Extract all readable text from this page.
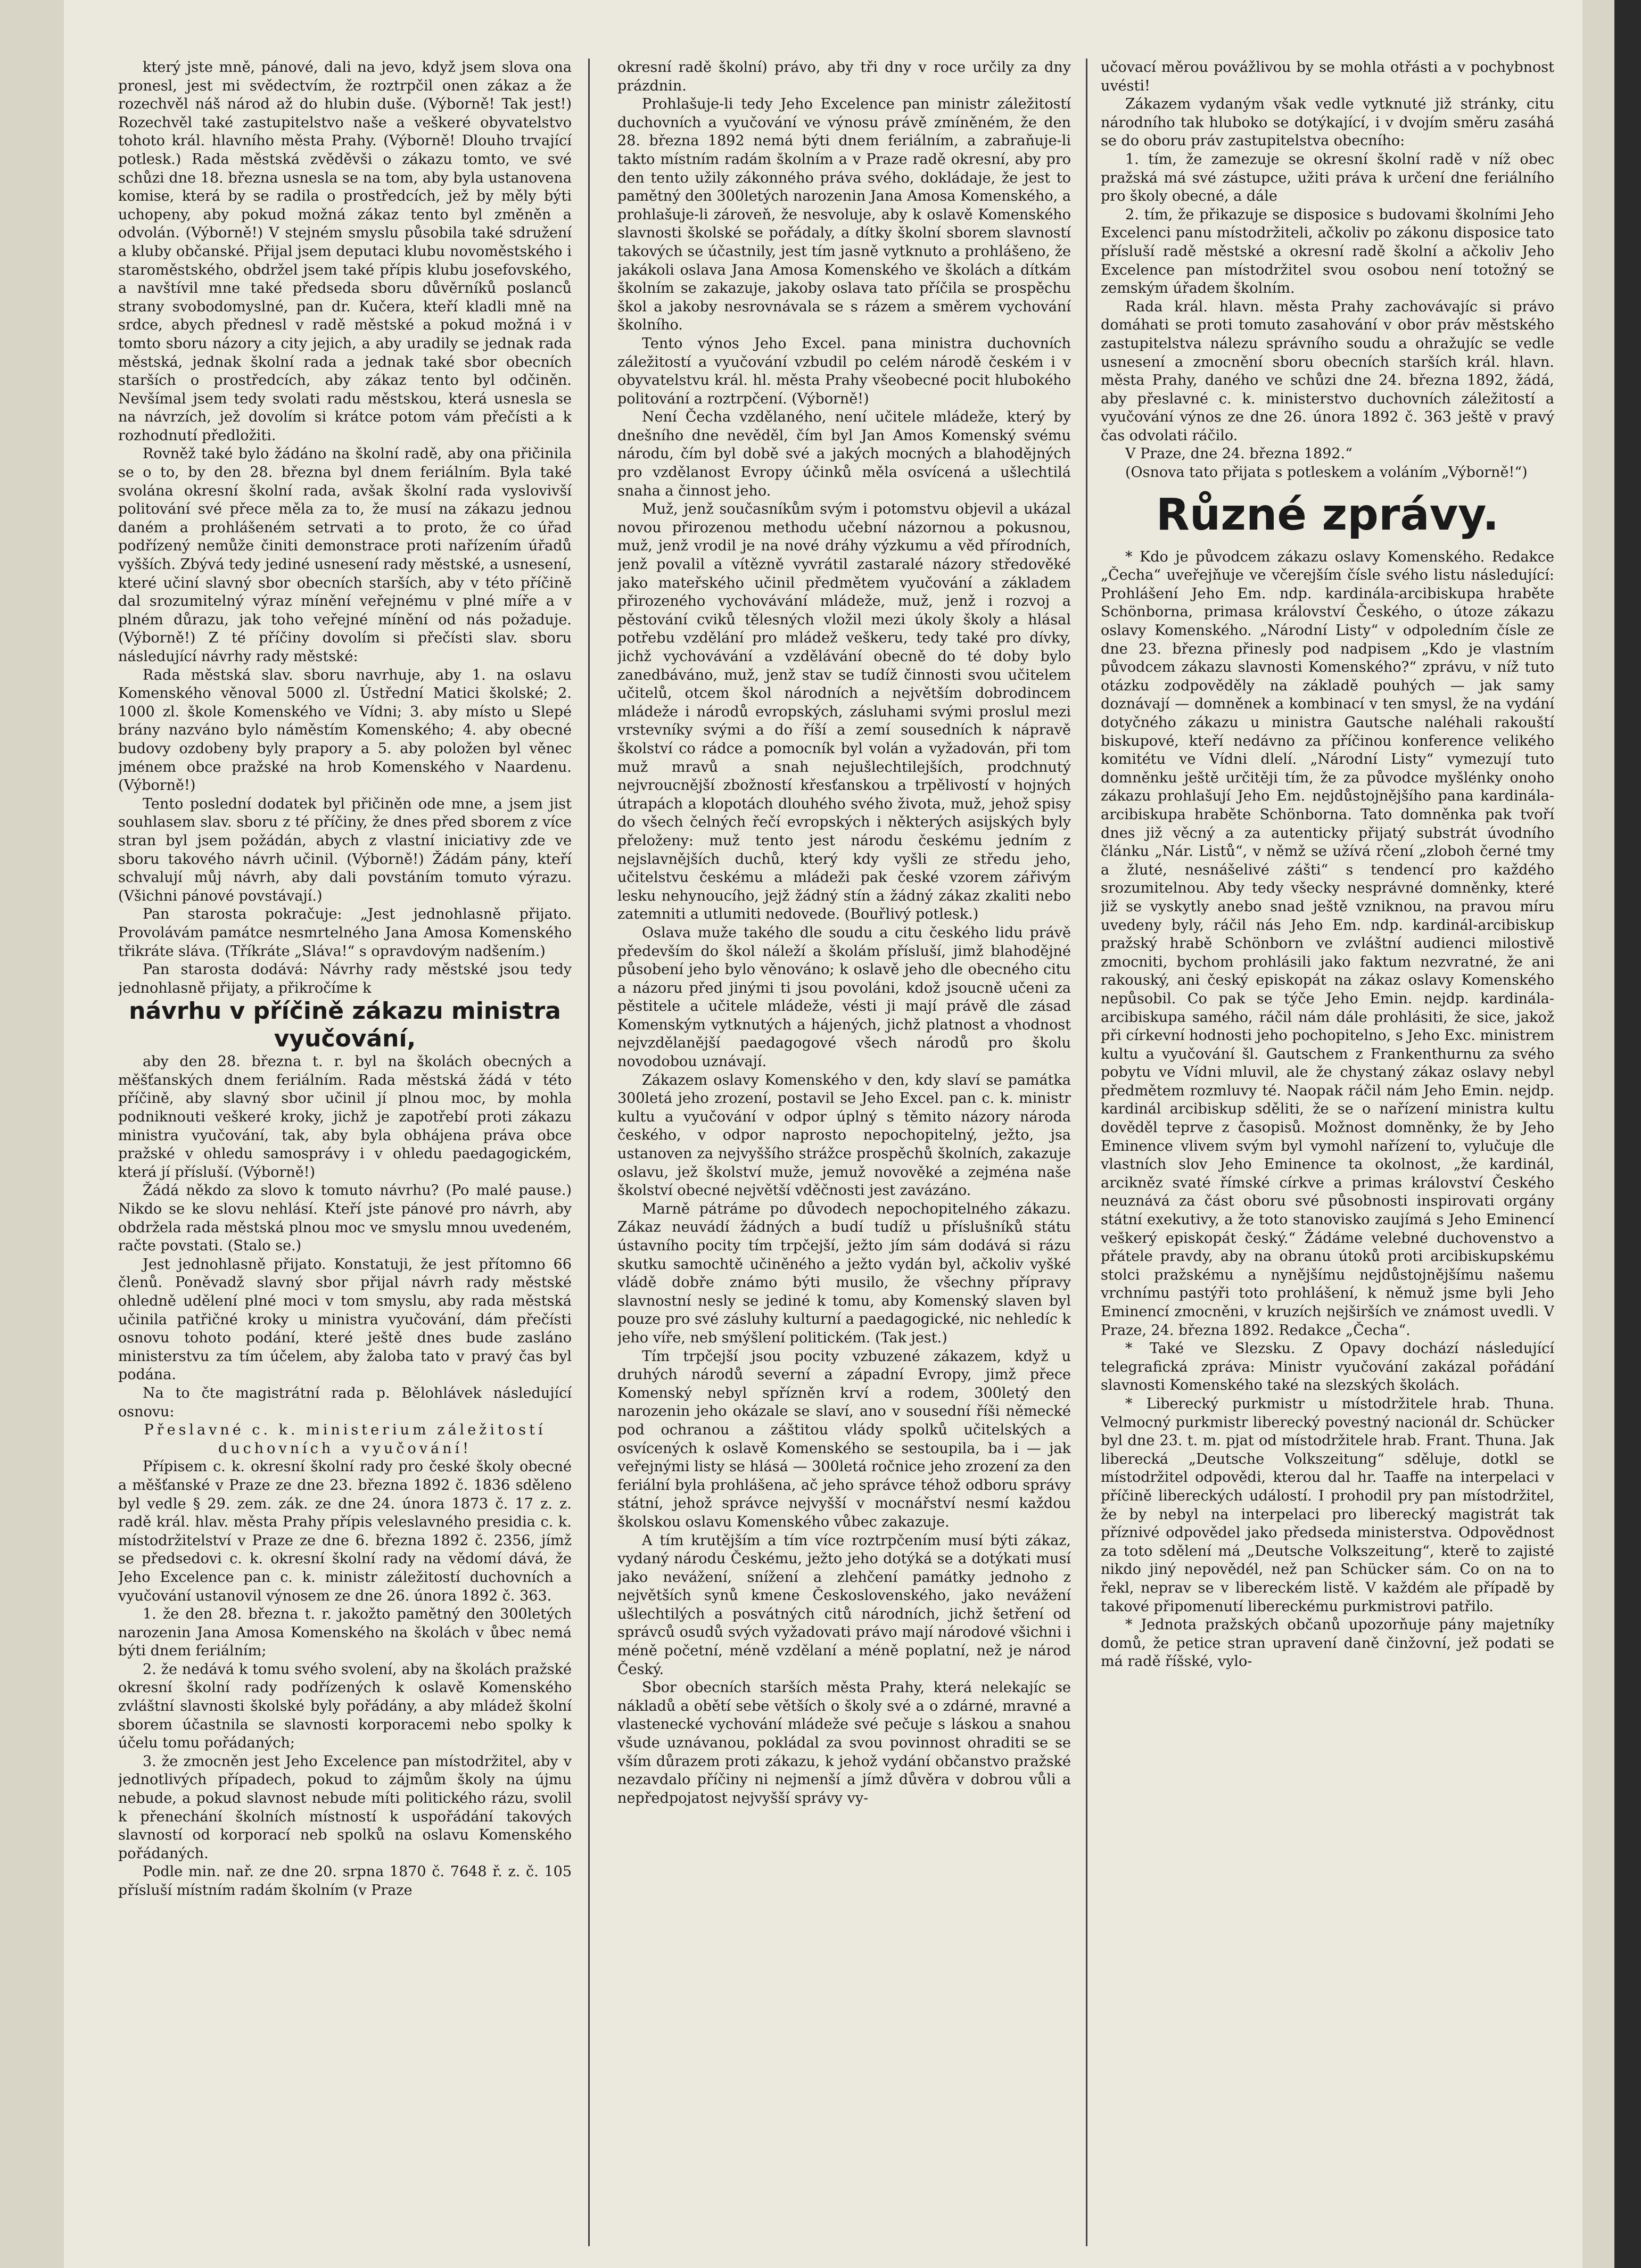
který jste mně, pánové, dali na jevo, když jsem slova ona pronesl, jest mi svědectvím, že roztrpčil onen zákaz a že rozechvěl náš národ až do hlubin duše. (Výborně! Tak jest!) Rozechvěl také zastupitelstvo naše a veškeré obyvatelstvo tohoto král. hlavního města Prahy. (Výborně! Dlouho trvající potlesk.) Rada městská zvěděvši o zákazu tomto, ve své schůzi dne 18. března usnesla se na tom, aby byla ustanovena komise, která by se radila o prostředcích, jež by měly býti uchopeny, aby pokud možná zákaz tento byl změněn a odvolán. (Výborně!) V stejném smyslu působila také sdružení a kluby občanské. Přijal jsem deputaci klubu novoměstského i staroměstského, obdržel jsem také přípis klubu josefovského, a navštívil mne také předseda sboru důvěrníků poslanců strany svobodomyslné, pan dr. Kučera, kteří kladli mně na srdce, abych přednesl v radě městské a pokud možná i v tomto sboru názory a city jejich, a aby uradily se jednak rada městská, jednak školní rada a jednak také sbor obecních starších o prostředcích, aby zákaz tento byl odčiněn. Nevšímal jsem tedy svolati radu městskou, která usnesla se na návrzích, jež dovolím si krátce potom vám přečísti a k rozhodnutí předložiti.

Rovněž také bylo žádáno na školní radě, aby ona přičinila se o to, by den 28. března byl dnem feriálním. Byla také svolána okresní školní rada, avšak školní rada vyslovivší politování své přece měla za to, že musí na zákazu jednou daném a prohlášeném setrvati a to proto, že co úřad podřízený nemůže činiti demonstrace proti nařízením úřadů vyšších. Zbývá tedy jediné usnesení rady městské, a usnesení, které učiní slavný sbor obecních starších, aby v této příčině dal srozumitelný výraz mínění veřejnému v plné míře a v plném důrazu, jak toho veřejné mínění od nás požaduje. (Výborně!) Z té příčiny dovolím si přečísti slav. sboru následující návrhy rady městské:

Rada městská slav. sboru navrhuje, aby 1. na oslavu Komenského věnoval 5000 zl. Ústřední Matici školské; 2. 1000 zl. škole Komenského ve Vídni; 3. aby místo u Slepé brány nazváno bylo náměstím Komenského; 4. aby obecné budovy ozdobeny byly prapory a 5. aby položen byl věnec jménem obce pražské na hrob Komenského v Naardenu. (Výborně!)

Tento poslední dodatek byl přičiněn ode mne, a jsem jist souhlasem slav. sboru z té příčiny, že dnes před sborem z více stran byl jsem požádán, abych z vlastní iniciativy zde ve sboru takového návrh učinil. (Výborně!) Žádám pány, kteří schvalují můj návrh, aby dali povstáním tomuto výrazu. (Všichni pánové povstávají.)

Pan starosta pokračuje: „Jest jednohlasně přijato. Provolávám památce nesmrtelného Jana Amosa Komenského třikráte sláva. (Tříkráte „Sláva!“ s opravdovým nadšením.)

Pan starosta dodává: Návrhy rady městské jsou tedy jednohlasně přijaty, a přikročíme k

návrhu v příčině zákazu ministra vyučování,

aby den 28. března t. r. byl na školách obecných a měšťanských dnem feriálním. Rada městská žádá v této příčině, aby slavný sbor učinil jí plnou moc, by mohla podniknouti veškeré kroky, jichž je zapotřebí proti zákazu ministra vyučování, tak, aby byla obhájena práva obce pražské v ohledu samosprávy i v ohledu paedagogickém, která jí přísluší. (Výborně!)

Žádá někdo za slovo k tomuto návrhu? (Po malé pause.) Nikdo se ke slovu nehlásí. Kteří jste pánové pro návrh, aby obdržela rada městská plnou moc ve smyslu mnou uvedeném, račte povstati. (Stalo se.)

Jest jednohlasně přijato. Konstatuji, že jest přítomno 66 členů. Poněvadž slavný sbor přijal návrh rady městské ohledně udělení plné moci v tom smyslu, aby rada městská učinila patřičné kroky u ministra vyučování, dám přečísti osnovu tohoto podání, které ještě dnes bude zasláno ministerstvu za tím účelem, aby žaloba tato v pravý čas byl podána.

Na to čte magistrátní rada p. Bělohlávek následující osnovu:

Přeslavné c. k. ministerium záležitostí duchovních a vyučování!

Přípisem c. k. okresní školní rady pro české školy obecné a měšťanské v Praze ze dne 23. března 1892 č. 1836 sděleno byl vedle § 29. zem. zák. ze dne 24. února 1873 č. 17 z. z. radě král. hlav. města Prahy přípis veleslavného presidia c. k. místodržitelství v Praze ze dne 6. března 1892 č. 2356, jímž se předsedovi c. k. okresní školní rady na vědomí dává, že Jeho Excelence pan c. k. ministr záležitostí duchovních a vyučování ustanovil výnosem ze dne 26. února 1892 č. 363.

1. že den 28. března t. r. jakožto pamětný den 300letých narozenin Jana Amosa Komenského na školách v ůbec nemá býti dnem feriálním;

2. že nedává k tomu svého svolení, aby na školách pražské okresní školní rady podřízených k oslavě Komenského zvláštní slavnosti školské byly pořádány, a aby mládež školní sborem účastnila se slavnosti korporacemi nebo spolky k účelu tomu pořádaných;

3. že zmocněn jest Jeho Excelence pan místodržitel, aby v jednotlivých případech, pokud to zájmům školy na újmu nebude, a pokud slavnost nebude míti politického rázu, svolil k přenechání školních místností k uspořádání takových slavností od korporací neb spolků na oslavu Komenského pořádaných.

Podle min. nař. ze dne 20. srpna 1870 č. 7648 ř. z. č. 105 přísluší místním radám školním (v Praze

okresní radě školní) právo, aby tři dny v roce určily za dny prázdnin.

Prohlašuje-li tedy Jeho Excelence pan ministr záležitostí duchovních a vyučování ve výnosu právě zmíněném, že den 28. března 1892 nemá býti dnem feriálním, a zabraňuje-li takto místním radám školním a v Praze radě okresní, aby pro den tento užily zákonného práva svého, dokládaje, že jest to pamětný den 300letých narozenin Jana Amosa Komenského, a prohlašuje-li zároveň, že nesvoluje, aby k oslavě Komenského slavnosti školské se pořádaly, a dítky školní sborem slavností takových se účastnily, jest tím jasně vytknuto a prohlášeno, že jakákoli oslava Jana Amosa Komenského ve školách a dítkám školním se zakazuje, jakoby oslava tato příčila se prospěchu škol a jakoby nesrovnávala se s rázem a směrem vychování školního.

Tento výnos Jeho Excel. pana ministra duchovních záležitostí a vyučování vzbudil po celém národě českém i v obyvatelstvu král. hl. města Prahy všeobecné pocit hlubokého politování a roztrpčení. (Výborně!)

Není Čecha vzdělaného, není učitele mládeže, který by dnešního dne nevěděl, čím byl Jan Amos Komenský svému národu, čím byl době své a jakých mocných a blahodějných pro vzdělanost Evropy účinků měla osvícená a ušlechtilá snaha a činnost jeho.

Muž, jenž současníkům svým i potomstvu objevil a ukázal novou přirozenou methodu učební názornou a pokusnou, muž, jenž vrodil je na nové dráhy výzkumu a věd přírodních, jenž povalil a vítězně vyvrátil zastaralé názory středověké jako mateřského učinil předmětem vyučování a základem přirozeného vychovávání mládeže, muž, jenž i rozvoj a pěstování cviků tělesných vložil mezi úkoly školy a hlásal potřebu vzdělání pro mládež veškeru, tedy také pro dívky, jichž vychovávání a vzdělávání obecně do té doby bylo zanedbáváno, muž, jenž stav se tudíž činnosti svou učitelem učitelů, otcem škol národních a největším dobrodincem mládeže i národů evropských, zásluhami svými proslul mezi vrstevníky svými a do říší a zemí sousedních k nápravě školství co rádce a pomocník byl volán a vyžadován, při tom muž mravů a snah nejušlechtilejších, prodchnutý nejvroucnější zbožností křesťanskou a trpělivostí v hojných útrapách a klopotách dlouhého svého života, muž, jehož spisy do všech čelných řečí evropských i některých asijských byly přeloženy: muž tento jest národu českému jedním z nejslavnějších duchů, který kdy vyšli ze středu jeho, učitelstvu českému a mládeži pak české vzorem zářivým lesku nehynoucího, jejž žádný stín a žádný zákaz zkaliti nebo zatemniti a utlumiti nedovede. (Bouřlivý potlesk.)

Oslava muže takého dle soudu a citu českého lidu právě především do škol náleží a školám přísluší, jimž blahodějné působení jeho bylo věnováno; k oslavě jeho dle obecného citu a názoru před jinými ti jsou povoláni, kdož jsoucně učeni za pěstitele a učitele mládeže, vésti ji mají právě dle zásad Komenským vytknutých a hájených, jichž platnost a vhodnost nejvzdělanější paedagogové všech národů pro školu novodobou uznávají.

Zákazem oslavy Komenského v den, kdy slaví se památka 300letá jeho zrození, postavil se Jeho Excel. pan c. k. ministr kultu a vyučování v odpor úplný s těmito názory národa českého, v odpor naprosto nepochopitelný, ježto, jsa ustanoven za nejvyššího strážce prospěchů školních, zakazuje oslavu, jež školství muže, jemuž novověké a zejména naše školství obecné největší vděčnosti jest zavázáno.

Marně pátráme po důvodech nepochopitelného zákazu. Zákaz neuvádí žádných a budí tudíž u příslušníků státu ústavního pocity tím trpčejší, ježto jím sám dodává si rázu skutku samochtě učiněného a ježto vydán byl, ačkoliv vyšké vládě dobře známo býti musilo, že všechny přípravy slavnostní nesly se jediné k tomu, aby Komenský slaven byl pouze pro své zásluhy kulturní a paedagogické, nic nehledíc k jeho víře, neb smýšlení politickém. (Tak jest.)

Tím trpčejší jsou pocity vzbuzené zákazem, když u druhých národů severní a západní Evropy, jimž přece Komenský nebyl spřízněn krví a rodem, 300letý den narozenin jeho okázale se slaví, ano v sousední říši německé pod ochranou a záštitou vlády spolků učitelských a osvícených k oslavě Komenského se sestoupila, ba i — jak veřejnými listy se hlásá — 300letá ročnice jeho zrození za den feriální byla prohlášena, ač jeho správce téhož odboru správy státní, jehož správce nejvyšší v mocnářství nesmí každou školskou oslavu Komenského vůbec zakazuje.

A tím krutějším a tím více roztrpčením musí býti zákaz, vydaný národu Českému, ježto jeho dotýká se a dotýkati musí jako nevážení, snížení a zlehčení památky jednoho z největších synů kmene Československého, jako nevážení ušlechtilých a posvátných citů národních, jichž šetření od správců osudů svých vyžadovati právo mají národové všichni i méně početní, méně vzdělaní a méně poplatní, než je národ Český.

Sbor obecních starších města Prahy, která nelekajíc se nákladů a obětí sebe větších o školy své a o zdárné, mravné a vlastenecké vychování mládeže své pečuje s láskou a snahou všude uznávanou, pokládal za svou povinnost ohraditi se se vším důrazem proti zákazu, k jehož vydání občanstvo pražské nezavdalo příčiny ni nejmenší a jímž důvěra v dobrou vůli a nepředpojatost nejvyšší správy vy-

učovací měrou povážlivou by se mohla otřásti a v pochybnost uvésti!

Zákazem vydaným však vedle vytknuté již stránky, citu národního tak hluboko se dotýkající, i v dvojím směru zasáhá se do oboru práv zastupitelstva obecního:

1. tím, že zamezuje se okresní školní radě v níž obec pražská má své zástupce, užiti práva k určení dne feriálního pro školy obecné, a dále

2. tím, že přikazuje se disposice s budovami školními Jeho Excelenci panu místodržiteli, ačkoliv po zákonu disposice tato přísluší radě městské a okresní radě školní a ačkoliv Jeho Excelence pan místodržitel svou osobou není totožný se zemským úřadem školním.

Rada král. hlavn. města Prahy zachovávajíc si právo domáhati se proti tomuto zasahování v obor práv městského zastupitelstva nálezu správního soudu a ohražujíc se vedle usnesení a zmocnění sboru obecních starších král. hlavn. města Prahy, daného ve schůzi dne 24. března 1892, žádá, aby přeslavné c. k. ministerstvo duchovních záležitostí a vyučování výnos ze dne 26. února 1892 č. 363 ještě v pravý čas odvolati ráčilo.

V Praze, dne 24. března 1892.“

(Osnova tato přijata s potleskem a voláním „Výborně!“)

Různé zprávy.

* Kdo je původcem zákazu oslavy Komenského. Redakce „Čecha“ uveřejňuje ve včerejším čísle svého listu následující: Prohlášení Jeho Em. ndp. kardinála-arcibiskupa hraběte Schönborna, primasa království Českého, o útoze zákazu oslavy Komenského. „Národní Listy“ v odpoledním čísle ze dne 23. března přinesly pod nadpisem „Kdo je vlastním původcem zákazu slavnosti Komenského?“ zprávu, v níž tuto otázku zodpověděly na základě pouhých — jak samy doznávají — domněnek a kombinací v ten smysl, že na vydání dotyčného zákazu u ministra Gautsche naléhali rakouští biskupové, kteří nedávno za příčinou konference velikého komitétu ve Vídni dlelí. „Národní Listy“ vymezují tuto domněnku ještě určitěji tím, že za původce myšlénky onoho zákazu prohlašují Jeho Em. nejdůstojnějšího pana kardinála-arcibiskupa hraběte Schönborna. Tato domněnka pak tvoří dnes již věcný a za autenticky přijatý substrát úvodního článku „Nár. Listů“, v němž se užívá rčení „zloboh černé tmy a žluté, nesnášelivé zášti“ s tendencí pro každého srozumitelnou. Aby tedy všecky nesprávné domněnky, které již se vyskytly anebo snad ještě vzniknou, na pravou míru uvedeny byly, ráčil nás Jeho Em. ndp. kardinál-arcibiskup pražský hrabě Schönborn ve zvláštní audienci milostivě zmocniti, bychom prohlásili jako faktum nezvratné, že ani rakouský, ani český episkopát na zákaz oslavy Komenského nepůsobil. Co pak se týče Jeho Emin. nejdp. kardinála-arcibiskupa samého, ráčil nám dále prohlásiti, že sice, jakož při církevní hodnosti jeho pochopitelno, s Jeho Exc. ministrem kultu a vyučování šl. Gautschem z Frankenthurnu za svého pobytu ve Vídni mluvil, ale že chystaný zákaz oslavy nebyl předmětem rozmluvy té. Naopak ráčil nám Jeho Emin. nejdp. kardinál arcibiskup sděliti, že se o nařízení ministra kultu dověděl teprve z časopisů. Možnost domněnky, že by Jeho Eminence vlivem svým byl vymohl nařízení to, vylučuje dle vlastních slov Jeho Eminence ta okolnost, „že kardinál, arcikněz svaté římské církve a primas království Českého neuznává za část oboru své působnosti inspirovati orgány státní exekutivy, a že toto stanovisko zaujímá s Jeho Eminencí veškerý episkopát český.“ Žádáme velebné duchovenstvo a přátele pravdy, aby na obranu útoků proti arcibiskupskému stolci pražskému a nynějšímu nejdůstojnějšímu našemu vrchnímu pastýři toto prohlášení, k němuž jsme byli Jeho Eminencí zmocněni, v kruzích nejširších ve známost uvedli. V Praze, 24. března 1892. Redakce „Čecha“.

* Také ve Slezsku. Z Opavy dochází následující telegrafická zpráva: Ministr vyučování zakázal pořádání slavnosti Komenského také na slezských školách.

* Liberecký purkmistr u místodržitele hrab. Thuna. Velmocný purkmistr liberecký povestný nacionál dr. Schücker byl dne 23. t. m. pjat od místodržitele hrab. Frant. Thuna. Jak liberecká „Deutsche Volkszeitung“ sděluje, dotkl se místodržitel odpovědi, kterou dal hr. Taaffe na interpelaci v příčině libereckých událostí. I prohodil pry pan místodržitel, že by nebyl na interpelaci pro liberecký magistrát tak příznivé odpovědel jako předseda ministerstva. Odpovědnost za toto sdělení má „Deutsche Volkszeitung“, kterě to zajisté nikdo jiný nepovědél, než pan Schücker sám. Co on na to řekl, neprav se v libereckém listě. V každém ale případě by takové připomenutí libereckému purkmistrovi patřilo.

* Jednota pražských občanů upozorňuje pány majetníky domů, že petice stran upravení daně činžovní, jež podati se má radě říšské, vylo-
